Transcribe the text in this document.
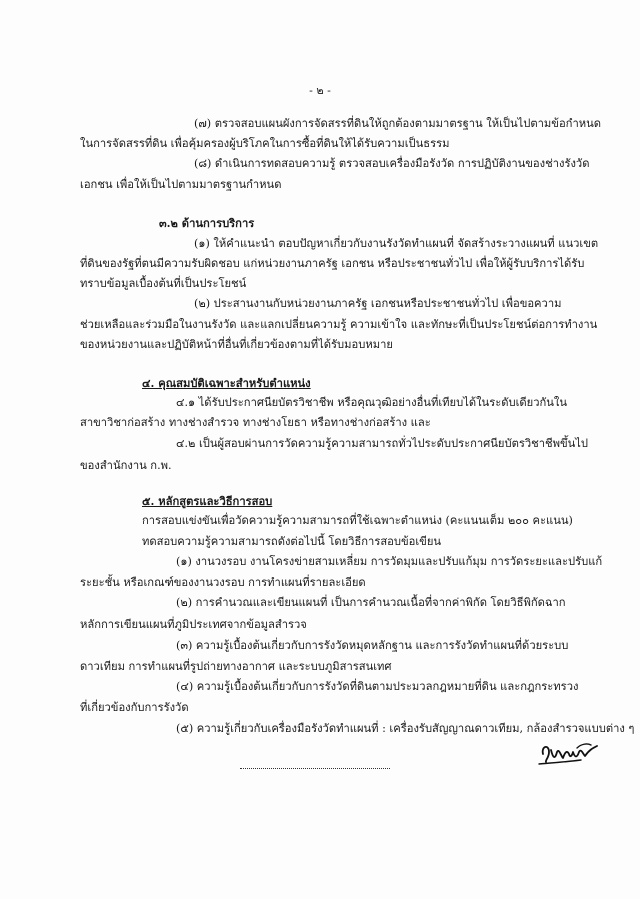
- ๒ -
(๗) ตรวจสอบแผนผังการจัดสรรที่ดินให้ถูกต้องตามมาตรฐาน ให้เป็นไปตามข้อกำหนด
ในการจัดสรรที่ดิน เพื่อคุ้มครองผู้บริโภคในการซื้อที่ดินให้ได้รับความเป็นธรรม
(๘) ดำเนินการทดสอบความรู้ ตรวจสอบเครื่องมือรังวัด การปฏิบัติงานของช่างรังวัด
เอกชน เพื่อให้เป็นไปตามมาตรฐานกำหนด
๓.๒ ด้านการบริการ
(๑) ให้คำแนะนำ ตอบปัญหาเกี่ยวกับงานรังวัดทำแผนที่ จัดสร้างระวางแผนที่ แนวเขต
ที่ดินของรัฐที่ตนมีความรับผิดชอบ แก่หน่วยงานภาครัฐ เอกชน หรือประชาชนทั่วไป เพื่อให้ผู้รับบริการได้รับ
ทราบข้อมูลเบื้องต้นที่เป็นประโยชน์
(๒) ประสานงานกับหน่วยงานภาครัฐ เอกชนหรือประชาชนทั่วไป เพื่อขอความ
ช่วยเหลือและร่วมมือในงานรังวัด และแลกเปลี่ยนความรู้ ความเข้าใจ และทักษะที่เป็นประโยชน์ต่อการทำงาน
ของหน่วยงานและปฏิบัติหน้าที่อื่นที่เกี่ยวข้องตามที่ได้รับมอบหมาย
๔. คุณสมบัติเฉพาะสำหรับตำแหน่ง
๔.๑ ได้รับประกาศนียบัตรวิชาชีพ หรือคุณวุฒิอย่างอื่นที่เทียบได้ในระดับเดียวกันใน
สาขาวิชาก่อสร้าง ทางช่างสำรวจ ทางช่างโยธา หรือทางช่างก่อสร้าง และ
๔.๒ เป็นผู้สอบผ่านการวัดความรู้ความสามารถทั่วไประดับประกาศนียบัตรวิชาชีพขึ้นไป
ของสำนักงาน ก.พ.
๕. หลักสูตรและวิธีการสอบ
การสอบแข่งขันเพื่อวัดความรู้ความสามารถที่ใช้เฉพาะตำแหน่ง (คะแนนเต็ม ๒๐๐ คะแนน)
ทดสอบความรู้ความสามารถดังต่อไปนี้ โดยวิธีการสอบข้อเขียน
(๑) งานวงรอบ งานโครงข่ายสามเหลี่ยม การวัดมุมและปรับแก้มุม การวัดระยะและปรับแก้
ระยะชั้น หรือเกณฑ์ของงานวงรอบ การทำแผนที่รายละเอียด
(๒) การคำนวณและเขียนแผนที่ เป็นการคำนวณเนื้อที่จากค่าพิกัด โดยวิธีพิกัดฉาก
หลักการเขียนแผนที่ภูมิประเทศจากข้อมูลสำรวจ
(๓) ความรู้เบื้องต้นเกี่ยวกับการรังวัดหมุดหลักฐาน และการรังวัดทำแผนที่ด้วยระบบ
ดาวเทียม การทำแผนที่รูปถ่ายทางอากาศ และระบบภูมิสารสนเทศ
(๔) ความรู้เบื้องต้นเกี่ยวกับการรังวัดที่ดินตามประมวลกฎหมายที่ดิน และกฎกระทรวง
ที่เกี่ยวข้องกับการรังวัด
(๕) ความรู้เกี่ยวกับเครื่องมือรังวัดทำแผนที่ : เครื่องรับสัญญาณดาวเทียม, กล้องสำรวจแบบต่าง ๆ
